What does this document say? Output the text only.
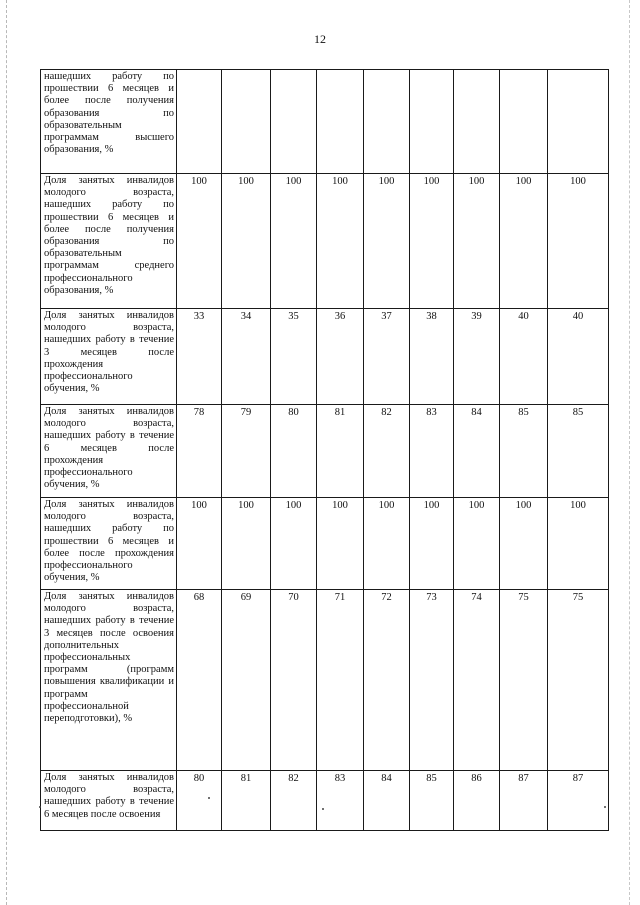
12
нашедших работу по прошествии 6 месяцев и более после получения образования по образовательным программам высшего образования, %									

Доля занятых инвалидов молодого возраста, нашедших работу по прошествии 6 месяцев и более после получения образования по образовательным программам среднего профессионального образования, %	100	100	100	100	100	100	100	100	100

Доля занятых инвалидов молодого возраста, нашедших работу в течение 3 месяцев после прохождения профессионального обучения, %	33	34	35	36	37	38	39	40	40

Доля занятых инвалидов молодого возраста, нашедших работу в течение 6 месяцев после прохождения профессионального обучения, %	78	79	80	81	82	83	84	85	85

Доля занятых инвалидов молодого возраста, нашедших работу по прошествии 6 месяцев и более после прохождения профессионального обучения, %	100	100	100	100	100	100	100	100	100

Доля занятых инвалидов молодого возраста, нашедших работу в течение 3 месяцев после освоения дополнительных профессиональных программ (программ повышения квалификации и программ профессиональной переподготовки), %	68	69	70	71	72	73	74	75	75

Доля занятых инвалидов молодого возраста, нашедших работу в течение 6 месяцев после освоения	80	81	82	83	84	85	86	87	87
